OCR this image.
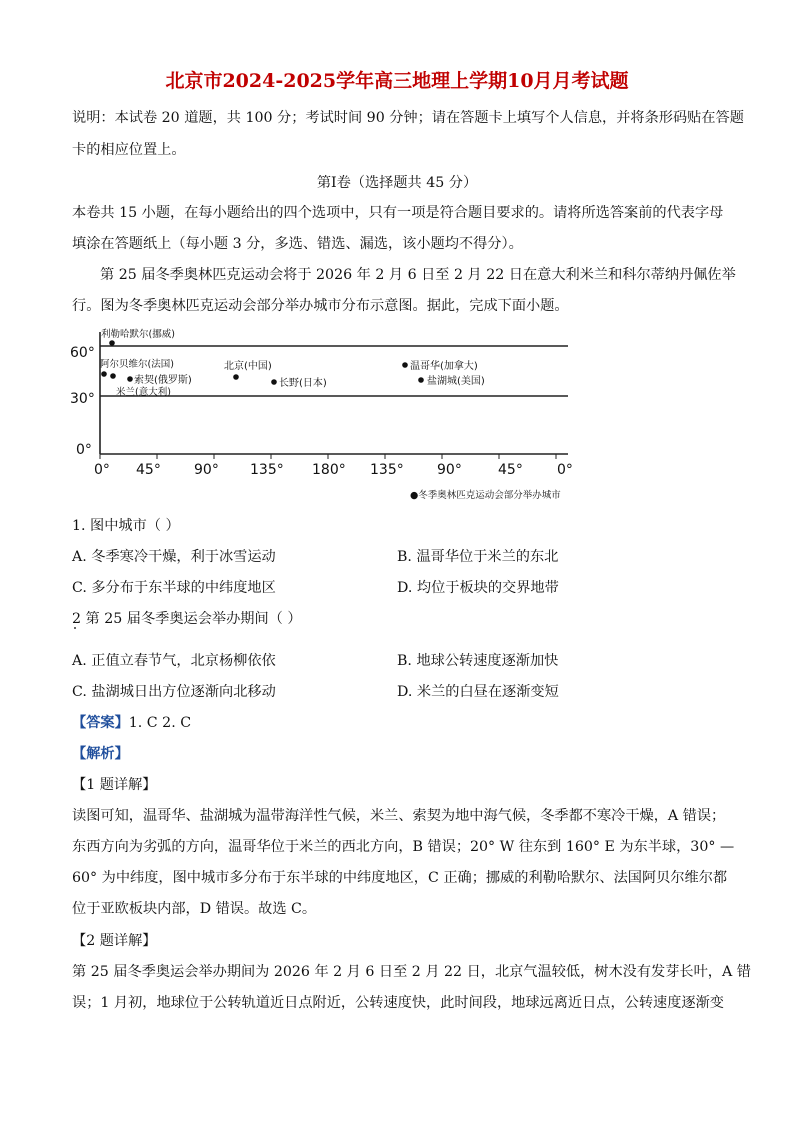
北京市2024-2025学年高三地理上学期10月月考试题
说明：本试卷 20 道题，共 100 分；考试时间 90 分钟；请在答题卡上填写个人信息，并将条形码贴在答题
卡的相应位置上。
第Ⅰ卷（选择题共 45 分）
本卷共 15 小题，在每小题给出的四个选项中，只有一项是符合题目要求的。请将所选答案前的代表字母
填涂在答题纸上（每小题 3 分，多选、错选、漏选，该小题均不得分）。
第 25 届冬季奥林匹克运动会将于 2026 年 2 月 6 日至 2 月 22 日在意大利米兰和科尔蒂纳丹佩佐举
行。图为冬季奥林匹克运动会部分举办城市分布示意图。据此，完成下面小题。
60°
30°
0°
0° 45° 90° 135° 180° 135° 90°	45° 0°
利勒哈默尔(挪威)
阿尔贝维尔(法国)
米兰(意大利)
索契(俄罗斯)
北京(中国)
长野(日本)
温哥华(加拿大)
盐湖城(美国)
●冬季奥林匹克运动会部分举办城市
1. 图中城市（ ）
A. 冬季寒冷干燥，利于冰雪运动	B. 温哥华位于米兰的东北
C. 多分布于东半球的中纬度地区	D. 均位于板块的交界地带
2 第 25 届冬季奥运会举办期间（ ）
A. 正值立春节气，北京杨柳依依	B. 地球公转速度逐渐加快
C. 盐湖城日出方位逐渐向北移动	D. 米兰的白昼在逐渐变短
【答案】1. C 2. C
【解析】
【1 题详解】
读图可知，温哥华、盐湖城为温带海洋性气候，米兰、索契为地中海气候，冬季都不寒冷干燥，A 错误；
东西方向为劣弧的方向，温哥华位于米兰的西北方向，B 错误；20° W 往东到 160° E 为东半球，30° —
60° 为中纬度，图中城市多分布于东半球的中纬度地区，C 正确；挪威的利勒哈默尔、法国阿贝尔维尔都
位于亚欧板块内部，D 错误。故选 C。
【2 题详解】
第 25 届冬季奥运会举办期间为 2026 年 2 月 6 日至 2 月 22 日，北京气温较低，树木没有发芽长叶，A 错
误；1 月初，地球位于公转轨道近日点附近，公转速度快，此时间段，地球远离近日点，公转速度逐渐变
